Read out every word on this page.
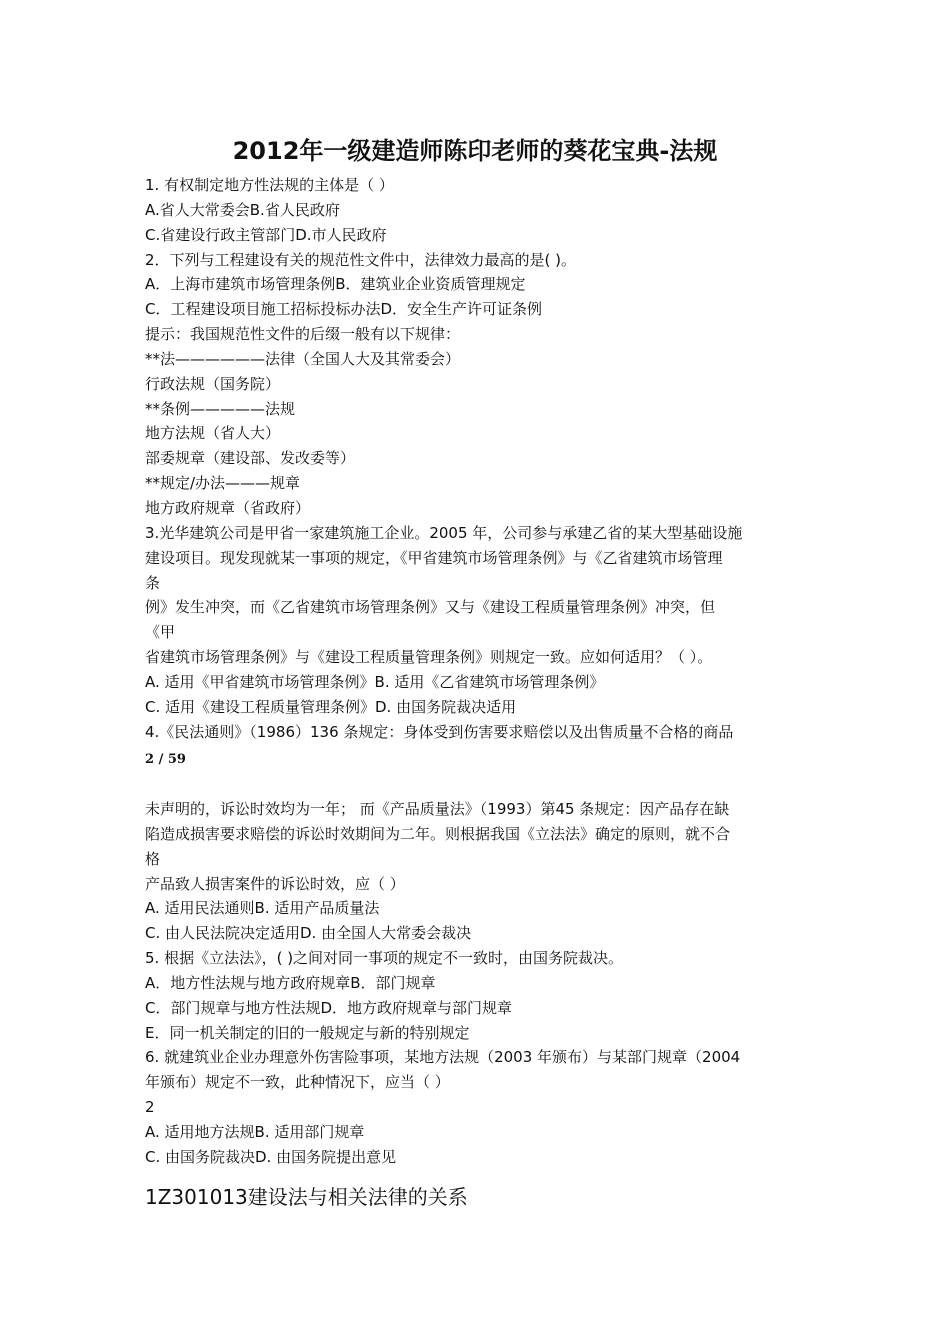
2012年一级建造师陈印老师的葵花宝典-法规
1. 有权制定地方性法规的主体是（ ）
A.省人大常委会B.省人民政府
C.省建设行政主管部门D.市人民政府
2．下列与工程建设有关的规范性文件中，法律效力最高的是( )。
A．上海市建筑市场管理条例B．建筑业企业资质管理规定
C．工程建设项目施工招标投标办法D．安全生产许可证条例
提示：我国规范性文件的后缀一般有以下规律：
**法——————法律（全国人大及其常委会）
行政法规（国务院）
**条例—————法规
地方法规（省人大）
部委规章（建设部、发改委等）
**规定/办法———规章
地方政府规章（省政府）
3.光华建筑公司是甲省一家建筑施工企业。2005 年，公司参与承建乙省的某大型基础设施
建设项目。现发现就某一事项的规定，《甲省建筑市场管理条例》与《乙省建筑市场管理
条
例》发生冲突，而《乙省建筑市场管理条例》又与《建设工程质量管理条例》冲突，但
《甲
省建筑市场管理条例》与《建设工程质量管理条例》则规定一致。应如何适用？（ ）。
A. 适用《甲省建筑市场管理条例》B. 适用《乙省建筑市场管理条例》
C. 适用《建设工程质量管理条例》D. 由国务院裁决适用
4.《民法通则》（1986）136 条规定：身体受到伤害要求赔偿以及出售质量不合格的商品
2 / 59
未声明的，诉讼时效均为一年； 而《产品质量法》（1993）第45 条规定：因产品存在缺
陷造成损害要求赔偿的诉讼时效期间为二年。则根据我国《立法法》确定的原则，就不合
格
产品致人损害案件的诉讼时效，应（ ）
A. 适用民法通则B. 适用产品质量法
C. 由人民法院决定适用D. 由全国人大常委会裁决
5. 根据《立法法》，( )之间对同一事项的规定不一致时，由国务院裁决。
A．地方性法规与地方政府规章B．部门规章
C．部门规章与地方性法规D．地方政府规章与部门规章
E．同一机关制定的旧的一般规定与新的特别规定
6. 就建筑业企业办理意外伤害险事项，某地方法规（2003 年颁布）与某部门规章（2004
年颁布）规定不一致，此种情况下，应当（ ）
2
A. 适用地方法规B. 适用部门规章
C. 由国务院裁决D. 由国务院提出意见
1Z301013建设法与相关法律的关系
